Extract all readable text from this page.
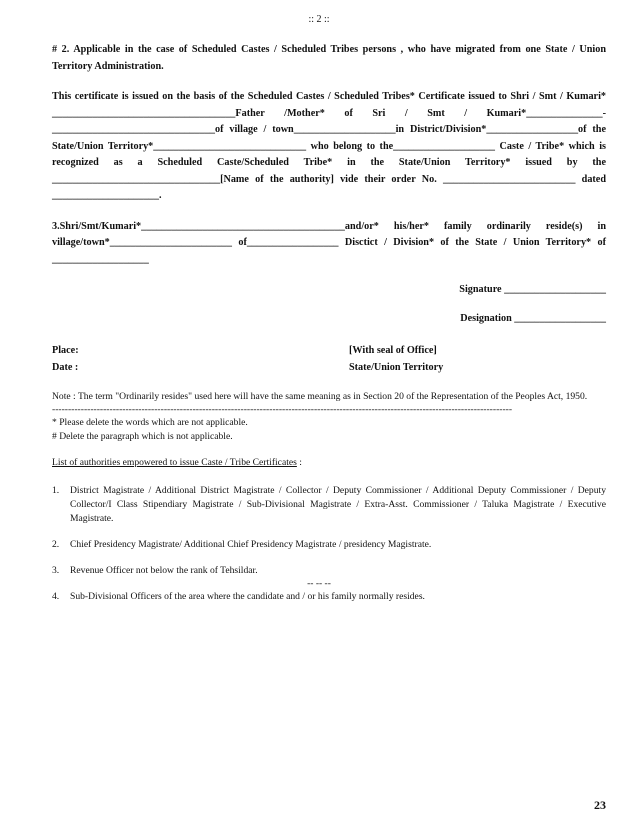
:: 2 ::

# 2. Applicable in the case of Scheduled Castes / Scheduled Tribes persons , who have migrated from one State / Union Territory Administration.

This certificate is issued on the basis of the Scheduled Castes / Scheduled Tribes* Certificate issued to Shri / Smt / Kumari* ____________________________________Father /Mother* of Sri / Smt / Kumari*_______________-________________________________of village / town____________________in District/Division*__________________of the State/Union Territory*______________________________ who belong to the____________________ Caste / Tribe* which is recognized as a Scheduled Caste/Scheduled Tribe* in the State/Union Territory* issued by the _________________________________[Name of the authority] vide their order No. __________________________ dated _____________________.

3.Shri/Smt/Kumari*________________________________________and/or* his/her* family ordinarily reside(s) in village/town*________________________ of__________________ Disctict / Division* of the State / Union Territory* of ___________________

Signature ____________________

Designation __________________

Place:	[With seal of Office]
Date :	State/Union Territory

Note : The term "Ordinarily resides" used here will have the same meaning as in Section 20 of the Representation of the Peoples Act, 1950.

------------------------------------------------------------------------------------------------------------------------------------------------

* Please delete the words which are not applicable.

# Delete the paragraph which is not applicable.

List of authorities empowered to issue Caste / Tribe Certificates :

1.	District Magistrate / Additional District Magistrate / Collector / Deputy Commissioner / Additional Deputy Commissioner / Deputy Collector/I Class Stipendiary Magistrate / Sub-Divisional Magistrate / Extra-Asst. Commissioner / Taluka Magistrate / Executive Magistrate.
2.	Chief Presidency Magistrate/ Additional Chief Presidency Magistrate / presidency Magistrate.
3.	Revenue Officer not below the rank of Tehsildar.
4.	Sub-Divisional Officers of the area where the candidate and / or his family normally resides.
-- -- --
23
